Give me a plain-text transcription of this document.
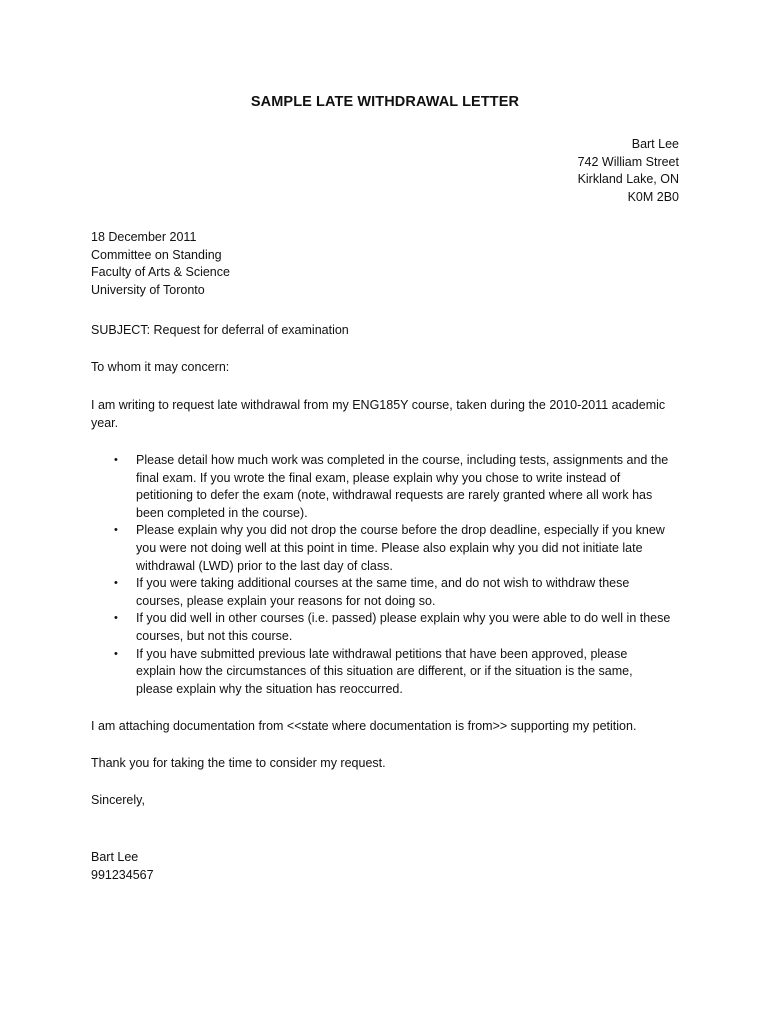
SAMPLE LATE WITHDRAWAL LETTER
Bart Lee
742 William Street
Kirkland Lake, ON
K0M 2B0
18 December 2011
Committee on Standing
Faculty of Arts & Science
University of Toronto
SUBJECT: Request for deferral of examination
To whom it may concern:
I am writing to request late withdrawal from my ENG185Y course, taken during the 2010-2011 academic
year.
• Please detail how much work was completed in the course, including tests, assignments and the
final exam. If you wrote the final exam, please explain why you chose to write instead of
petitioning to defer the exam (note, withdrawal requests are rarely granted where all work has
been completed in the course).
• Please explain why you did not drop the course before the drop deadline, especially if you knew
you were not doing well at this point in time. Please also explain why you did not initiate late
withdrawal (LWD) prior to the last day of class.
• If you were taking additional courses at the same time, and do not wish to withdraw these
courses, please explain your reasons for not doing so.
• If you did well in other courses (i.e. passed) please explain why you were able to do well in these
courses, but not this course.
• If you have submitted previous late withdrawal petitions that have been approved, please
explain how the circumstances of this situation are different, or if the situation is the same,
please explain why the situation has reoccurred.
I am attaching documentation from <<state where documentation is from>> supporting my petition.
Thank you for taking the time to consider my request.
Sincerely,
Bart Lee
991234567
